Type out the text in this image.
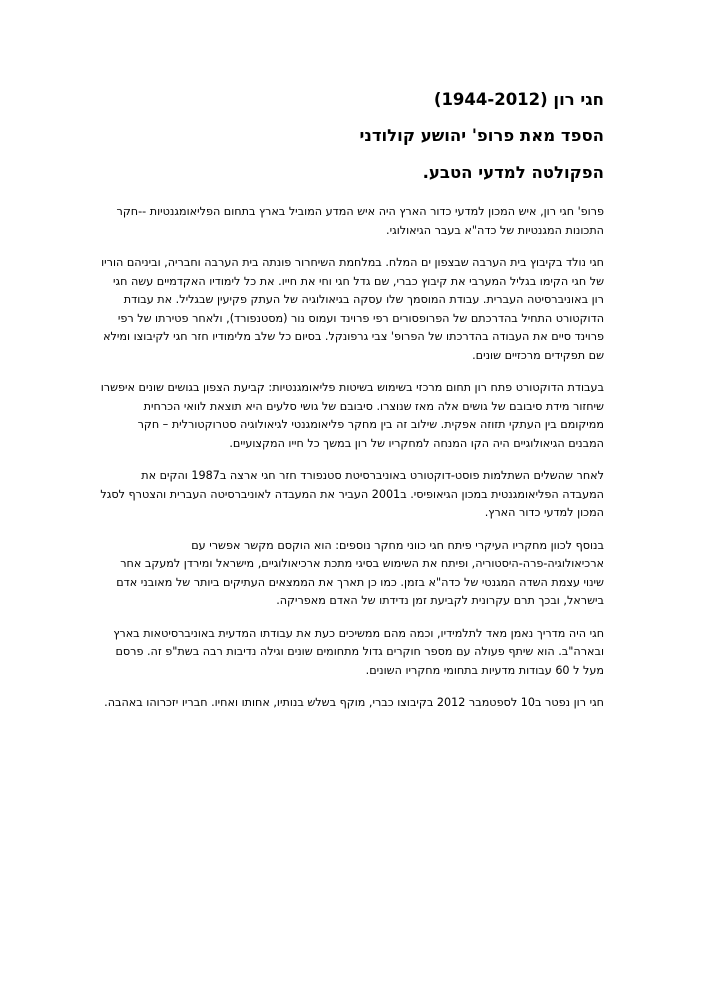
חגי רון (1944-2012)
הספד מאת פרופ' יהושע קולודני
הפקולטה למדעי הטבע.

פרופ' חגי רון, איש המכון למדעי כדור הארץ היה איש המדע המוביל בארץ בתחום הפליאומגנטיות --חקר התכונות המגנטיות של כדה"א בעבר הגיאולוגי.

חגי נולד בקיבוץ בית הערבה שבצפון ים המלח. במלחמת השיחרור פונתה בית הערבה וחבריה, וביניהם הוריו של חגי הקימו בגליל המערבי את קיבוץ כברי, שם גדל חגי וחי את חייו. את כל לימודיו האקדמיים עשה חגי רון באוניברסיטה העברית. עבודת המוסמך שלו עסקה בגיאולוגיה של העתק פקיעין שבגליל. את עבודת הדוקטורט התחיל בהדרכתם של הפרופסורים רפי פרוינד ועמוס נור (מסטנפורד), ולאחר פטירתו של רפי פרוינד סיים את העבודה בהדרכתו של הפרופ' צבי גרפונקל. בסיום כל שלב מלימודיו חזר חגי לקיבוצו ומילא שם תפקידים מרכזיים שונים.

בעבודת הדוקטורט פתח רון תחום מרכזי בשימוש בשיטות פליאומגנטיות: קביעת הצפון בגושים שונים איפשרו שיחזור מידת סיבובם של גושים אלה מאז שנוצרו. סיבובם של גושי סלעים היא תוצאת לוואי הכרחית ממיקומם בין העתקי תזוזה אפקית. שילוב זה בין מחקר פליאומגנטי לגיאולוגיה סטרוקטורלית – חקר המבנים הגיאולוגיים היה הקו המנחה למחקריו של רון במשך כל חייו המקצועיים.

לאחר שהשלים השתלמות פוסט-דוקטורט באוניברסיטת סטנפורד חזר חגי ארצה ב1987 והקים את המעבדה הפליאומגנטית במכון הגיאופיסי. ב2001 העביר את המעבדה לאוניברסיטה העברית והצטרף לסגל המכון למדעי כדור הארץ.

בנוסף לכוון מחקריו העיקרי פיתח חגי כווני מחקר נוספים: הוא הוקסם מקשר אפשרי עם ארכיאולוגיה-פרה-היסטוריה, ופיתח את השימוש בסיגי מתכת ארכיאולוגיים, מישראל ומירדן למעקב אחר שינוי עצמת השדה המגנטי של כדה"א בזמן. כמו כן תארך את הממצאים העתיקים ביותר של מאובני אדם בישראל, ובכך תרם עקרונית לקביעת זמן נדידתו של האדם מאפריקה.

חגי היה מדריך נאמן מאד לתלמידיו, וכמה מהם ממשיכים כעת את עבודתו המדעית באוניברסיטאות בארץ ובארה"ב. הוא שיתף פעולה עם מספר חוקרים גדול מתחומים שונים וגילה נדיבות רבה בשת"פ זה. פרסם מעל ל 60 עבודות מדעיות בתחומי מחקריו השונים.

חגי רון נפטר ב10 לספטמבר 2012 בקיבוצו כברי, מוקף בשלש בנותיו, אחותו ואחיו. חבריו יזכרוהו באהבה.
